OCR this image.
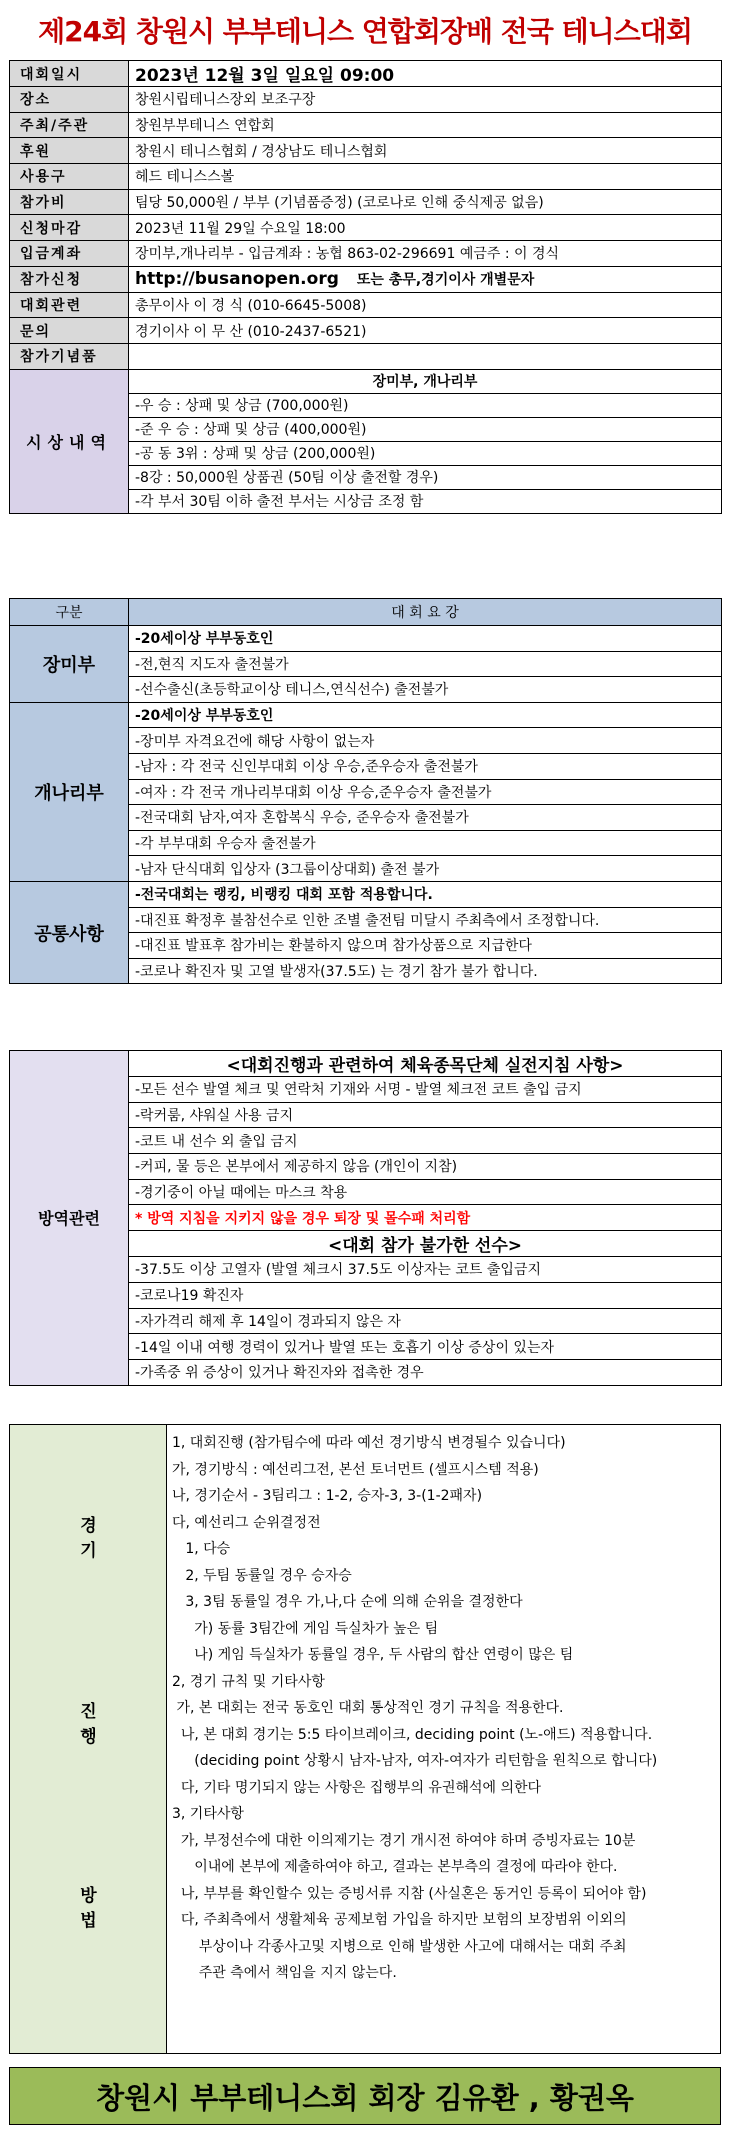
제24회 창원시 부부테니스 연합회장배 전국 테니스대회
대회일시	2023년 12월 3일 일요일 09:00
장소	창원시립테니스장외 보조구장
주최/주관	창원부부테니스 연합회
후원	창원시 테니스협회 / 경상남도 테니스협회
사용구	헤드 테니스스볼
참가비	팀당 50,000원 / 부부 (기념품증정) (코로나로 인해 중식제공 없음)
신청마감	2023년 11월 29일 수요일 18:00
입금계좌	장미부,개나리부 - 입금계좌 : 농협 863-02-296691 예금주 : 이 경식
참가신청	http://busanopen.org 또는 총무,경기이사 개별문자
대회관련	총무이사 이 경 식 (010-6645-5008)
문의	경기이사 이 무 산 (010-2437-6521)
참가기념품	
시상내역	장미부, 개나리부
	-우 승 : 상패 및 상금 (700,000원)
	-준 우 승 : 상패 및 상금 (400,000원)
	-공 동 3위 : 상패 및 상금 (200,000원)
	-8강 : 50,000원 상품권 (50팀 이상 출전할 경우)
	-각 부서 30팀 이하 출전 부서는 시상금 조정 함
구분	대 회 요 강
장미부	-20세이상 부부동호인
	-전,현직 지도자 출전불가
	-선수출신(초등학교이상 테니스,연식선수) 출전불가
개나리부	-20세이상 부부동호인
	-장미부 자격요건에 해당 사항이 없는자
	-남자 : 각 전국 신인부대회 이상 우승,준우승자 출전불가
	-여자 : 각 전국 개나리부대회 이상 우승,준우승자 출전불가
	-전국대회 남자,여자 혼합복식 우승, 준우승자 출전불가
	-각 부부대회 우승자 출전불가
	-남자 단식대회 입상자 (3그룹이상대회) 출전 불가
공통사항	-전국대회는 랭킹, 비랭킹 대회 포함 적용합니다.
	-대진표 확정후 불참선수로 인한 조별 출전팀 미달시 주최측에서 조정합니다.
	-대진표 발표후 참가비는 환불하지 않으며 참가상품으로 지급한다
	-코로나 확진자 및 고열 발생자(37.5도) 는 경기 참가 불가 합니다.
방역관련	<대회진행과 관련하여 체육종목단체 실전지침 사항>
-모든 선수 발열 체크 및 연락처 기재와 서명 - 발열 체크전 코트 출입 금지
-락커룸, 샤워실 사용 금지
-코트 내 선수 외 출입 금지
-커피, 물 등은 본부에서 제공하지 않음 (개인이 지참)
-경기중이 아닐 때에는 마스크 착용
* 방역 지침을 지키지 않을 경우 퇴장 및 몰수패 처리함
<대회 참가 불가한 선수>
-37.5도 이상 고열자 (발열 체크시 37.5도 이상자는 코트 출입금지
-코로나19 확진자
-자가격리 해제 후 14일이 경과되지 않은 자
-14일 이내 여행 경력이 있거나 발열 또는 호흡기 이상 증상이 있는자
-가족중 위 증상이 있거나 확진자와 접촉한 경우
경 기
진 행
방 법
1, 대회진행 (참가팀수에 따라 예선 경기방식 변경될수 있습니다)
가, 경기방식 : 예선리그전, 본선 토너먼트 (셀프시스템 적용)
나, 경기순서 - 3팀리그 : 1-2, 승자-3, 3-(1-2패자)
다, 예선리그 순위결정전
1, 다승
2, 두팀 동률일 경우 승자승
3, 3팀 동률일 경우 가,나,다 순에 의해 순위을 결정한다
가) 동률 3팀간에 게임 득실차가 높은 팀
나) 게임 득실차가 동률일 경우, 두 사람의 합산 연령이 많은 팀
2, 경기 규칙 및 기타사항
가, 본 대회는 전국 동호인 대회 통상적인 경기 규칙을 적용한다.
나, 본 대회 경기는 5:5 타이브레이크, deciding point (노-애드) 적용합니다.
(deciding point 상황시 남자-남자, 여자-여자가 리턴함을 원칙으로 합니다)
다, 기타 명기되지 않는 사항은 집행부의 유권해석에 의한다
3, 기타사항
가, 부정선수에 대한 이의제기는 경기 개시전 하여야 하며 증빙자료는 10분
이내에 본부에 제출하여야 하고, 결과는 본부측의 결정에 따라야 한다.
나, 부부를 확인할수 있는 증빙서류 지참 (사실혼은 동거인 등록이 되어야 함)
다, 주최측에서 생활체육 공제보험 가입을 하지만 보험의 보장범위 이외의
부상이나 각종사고및 지병으로 인해 발생한 사고에 대해서는 대회 주최
주관 측에서 책임을 지지 않는다.
창원시 부부테니스회 회장 김유환 , 황권옥
